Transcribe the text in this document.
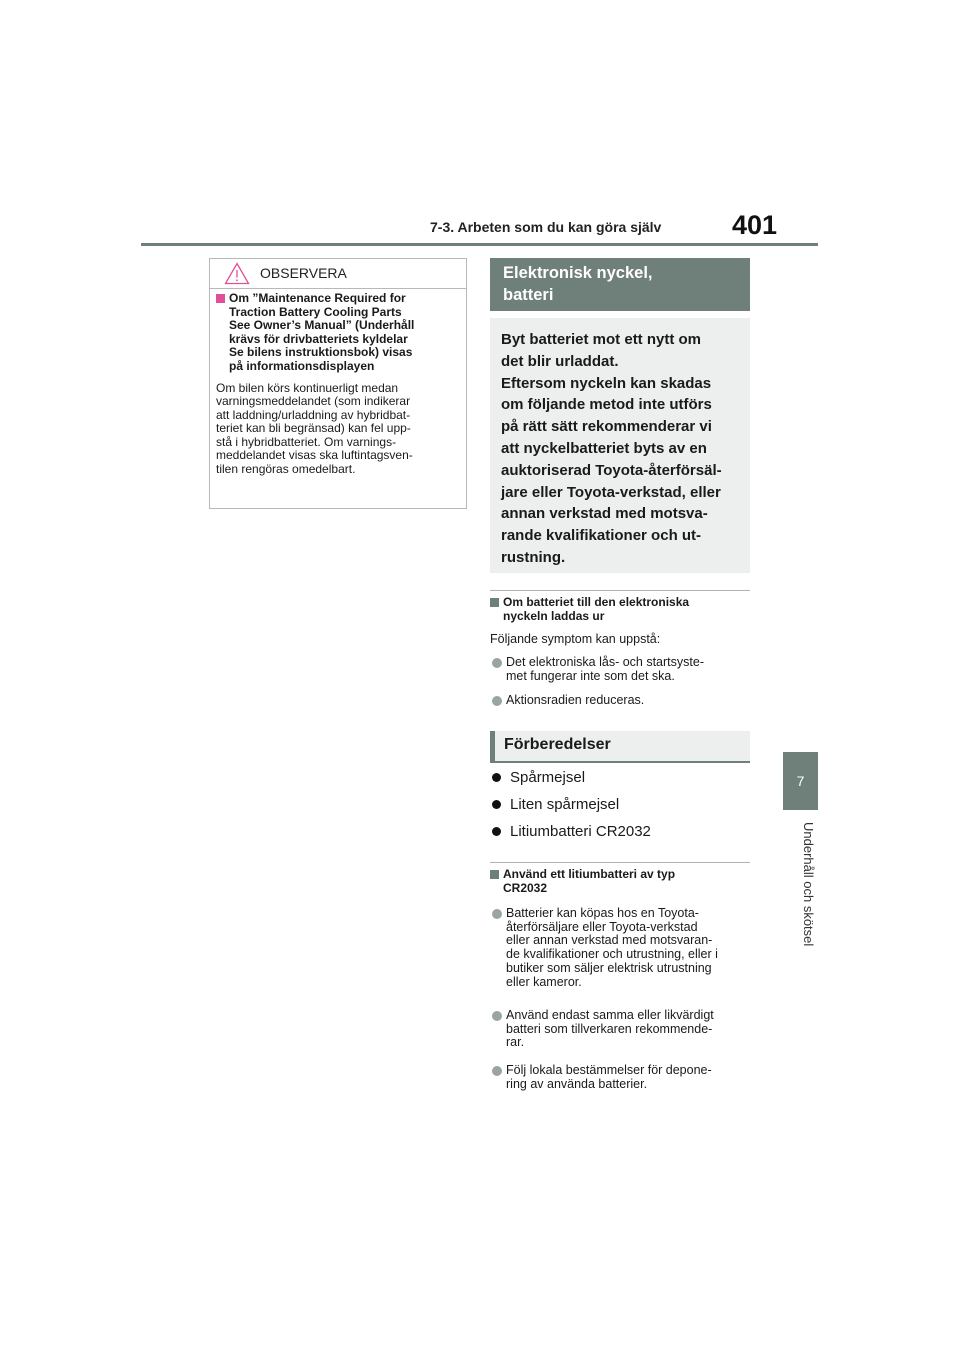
7-3. Arbeten som du kan göra själv	401
7
Underhåll och skötsel
OBSERVERA
Om ”Maintenance Required for
Traction Battery Cooling Parts
See Owner’s Manual” (Underhåll
krävs för drivbatteriets kyldelar
Se bilens instruktionsbok) visas
på informationsdisplayen
Om bilen körs kontinuerligt medan
varningsmeddelandet (som indikerar
att laddning/urladdning av hybridbat-
teriet kan bli begränsad) kan fel upp-
stå i hybridbatteriet. Om varnings-
meddelandet visas ska luftintagsven-
tilen rengöras omedelbart.
Elektronisk nyckel,
batteri
Byt batteriet mot ett nytt om
det blir urladdat.
Eftersom nyckeln kan skadas
om följande metod inte utförs
på rätt sätt rekommenderar vi
att nyckelbatteriet byts av en
auktoriserad Toyota-återförsäl-
jare eller Toyota-verkstad, eller
annan verkstad med motsva-
rande kvalifikationer och ut-
rustning.
Om batteriet till den elektroniska
nyckeln laddas ur
Följande symptom kan uppstå:
Det elektroniska lås- och startsyste-
met fungerar inte som det ska.
Aktionsradien reduceras.
Förberedelser
Spårmejsel
Liten spårmejsel
Litiumbatteri CR2032
Använd ett litiumbatteri av typ
CR2032
Batterier kan köpas hos en Toyota-
återförsäljare eller Toyota-verkstad
eller annan verkstad med motsvaran-
de kvalifikationer och utrustning, eller i
butiker som säljer elektrisk utrustning
eller kameror.
Använd endast samma eller likvärdigt
batteri som tillverkaren rekommende-
rar.
Följ lokala bestämmelser för depone-
ring av använda batterier.
